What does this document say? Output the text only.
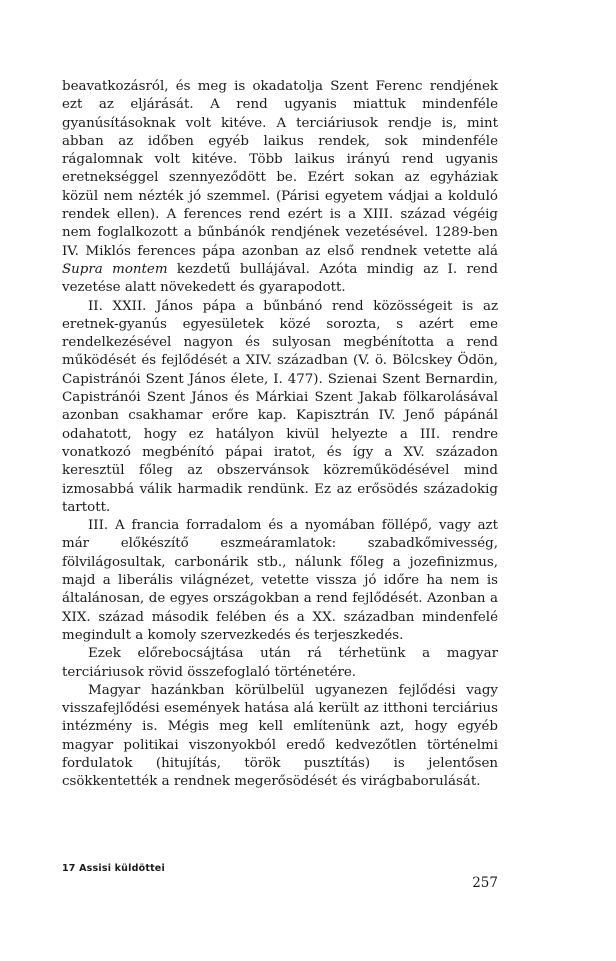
beavatkozásról, és meg is okadatolja Szent Ferenc rendjének ezt az eljárását. A rend ugyanis miattuk mindenféle gyanúsításoknak volt kitéve. A terciáriusok rendje is, mint abban az időben egyéb laikus rendek, sok mindenféle rágalomnak volt kitéve. Több laikus irányú rend ugyanis eretnekséggel szennyeződött be. Ezért sokan az egyháziak közül nem nézték jó szemmel. (Párisi egyetem vádjai a kolduló rendek ellen). A ferences rend ezért is a XIII. század végéig nem foglalkozott a bűnbánók rendjének vezetésével. 1289-ben IV. Miklós ferences pápa azonban az első rendnek vetette alá Supra montem kezdetű bullájával. Azóta mindig az I. rend vezetése alatt növekedett és gyarapodott.

II. XXII. János pápa a bűnbánó rend közösségeit is az eretnek-gyanús egyesületek közé sorozta, s azért eme rendelkezésével nagyon és sulyosan megbénította a rend működését és fejlődését a XIV. században (V. ö. Bölcskey Ödön, Capistránói Szent János élete, I. 477). Szienai Szent Bernardin, Capistránói Szent János és Márkiai Szent Jakab fölkarolásával azonban csakhamar erőre kap. Kapisztrán IV. Jenő pápánál odahatott, hogy ez hatályon kivül helyezte a III. rendre vonatkozó megbénító pápai iratot, és így a XV. századon keresztül főleg az obszervánsok közreműködésével mind izmosabbá válik harmadik rendünk. Ez az erősödés századokig tartott.

III. A francia forradalom és a nyomában föllépő, vagy azt már előkészítő eszmeáramlatok: szabadkőmivesség, fölvilágosultak, carbonárik stb., nálunk főleg a jozefinizmus, majd a liberális világnézet, vetette vissza jó időre ha nem is általánosan, de egyes országokban a rend fejlődését. Azonban a XIX. század második felében és a XX. században mindenfelé megindult a komoly szervezkedés és terjeszkedés.

Ezek előrebocsájtása után rá térhetünk a magyar terciáriusok rövid összefoglaló történetére.

Magyar hazánkban körülbelül ugyanezen fejlődési vagy visszafejlődési események hatása alá került az itthoni terciárius intézmény is. Mégis meg kell említenünk azt, hogy egyéb magyar politikai viszonyokból eredő kedvezőtlen történelmi fordulatok (hitujítás, török pusztítás) is jelentősen csökkentették a rendnek megerősödését és virágbaborulását.

17 Assisi küldöttei
257
